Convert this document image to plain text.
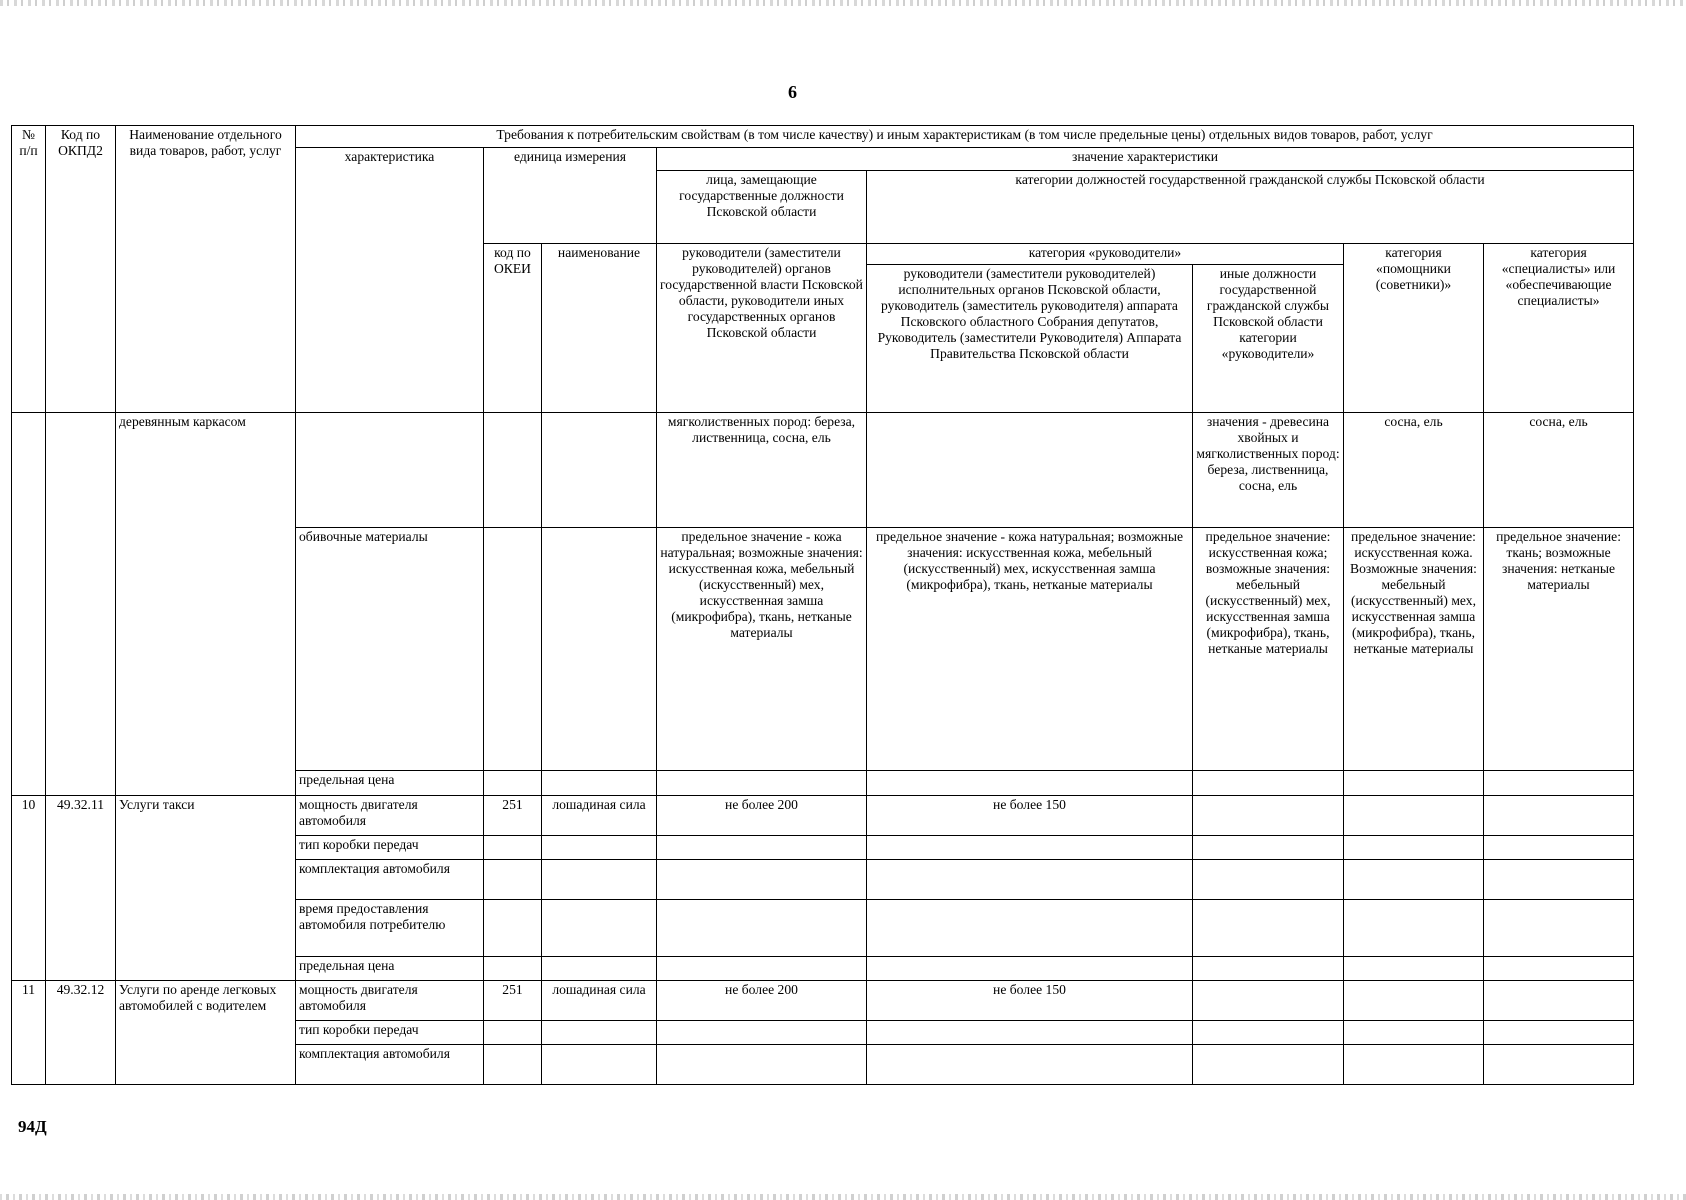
6
№ п/п	Код по ОКПД2	Наименование отдельного вида товаров, работ, услуг	Требования к потребительским свойствам (в том числе качеству) и иным характеристикам (в том числе предельные цены) отдельных видов товаров, работ, услуг							
			характеристика	единица измерения		значение характеристики				
						лица, замещающие государственные должности Псковской области	категории должностей государственной гражданской службы Псковской области			
				код по ОКЕИ	наименование	руководители (заместители руководителей) органов государственной власти Псковской области, руководители иных государственных органов Псковской области	категория «руководители»		категория «помощники (советники)»	категория «специалисты» или «обеспечивающие специалисты»
							руководители (заместители руководителей) исполнительных органов Псковской области, руководитель (заместитель руководителя) аппарата Псковского областного Собрания депутатов, Руководитель (заместители Руководителя) Аппарата Правительства Псковской области	иные должности государственной гражданской службы Псковской области категории «руководители»		
		деревянным каркасом				мягколиственных пород: береза, лиственница, сосна, ель		значения - древесина хвойных и мягколиственных пород: береза, лиственница, сосна, ель	сосна, ель	сосна, ель
			обивочные материалы			предельное значение - кожа натуральная; возможные значения: искусственная кожа, мебельный (искусственный) мех, искусственная замша (микрофибра), ткань, нетканые материалы	предельное значение - кожа натуральная; возможные значения: искусственная кожа, мебельный (искусственный) мех, искусственная замша (микрофибра), ткань, нетканые материалы	предельное значение: искусственная кожа; возможные значения: мебельный (искусственный) мех, искусственная замша (микрофибра), ткань, нетканые материалы	предельное значение: искусственная кожа. Возможные значения: мебельный (искусственный) мех, искусственная замша (микрофибра), ткань, нетканые материалы	предельное значение: ткань; возможные значения: нетканые материалы
			предельная цена							
10	49.32.11	Услуги такси	мощность двигателя автомобиля	251	лошадиная сила	не более 200	не более 150			
			тип коробки передач							
			комплектация автомобиля							
			время предоставления автомобиля потребителю							
			предельная цена							
11	49.32.12	Услуги по аренде легковых автомобилей с водителем	мощность двигателя автомобиля	251	лошадиная сила	не более 200	не более 150			
			тип коробки передач							
			комплектация автомобиля							
94Д
